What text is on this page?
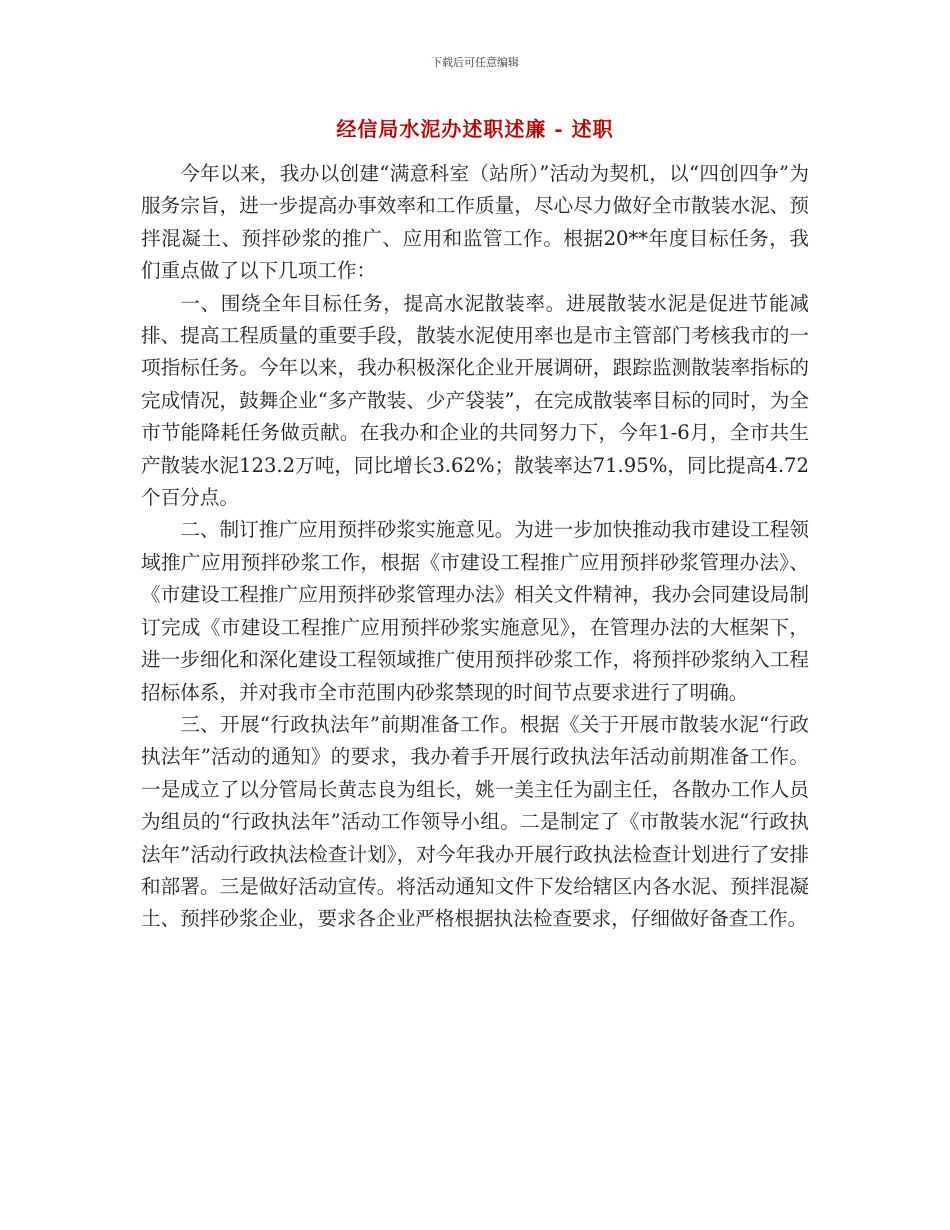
下载后可任意编辑
经信局水泥办述职述廉 - 述职

今年以来，我办以创建“满意科室（站所）”活动为契机，以“四创四争”为服务宗旨，进一步提高办事效率和工作质量，尽心尽力做好全市散装水泥、预拌混凝土、预拌砂浆的推广、应用和监管工作。根据20**年度目标任务，我们重点做了以下几项工作：

一、围绕全年目标任务，提高水泥散装率。进展散装水泥是促进节能减排、提高工程质量的重要手段，散装水泥使用率也是市主管部门考核我市的一项指标任务。今年以来，我办积极深化企业开展调研，跟踪监测散装率指标的完成情况，鼓舞企业“多产散装、少产袋装”，在完成散装率目标的同时，为全市节能降耗任务做贡献。在我办和企业的共同努力下，今年1-6月，全市共生产散装水泥123.2万吨，同比增长3.62%；散装率达71.95%，同比提高4.72个百分点。

二、制订推广应用预拌砂浆实施意见。为进一步加快推动我市建设工程领域推广应用预拌砂浆工作，根据《市建设工程推广应用预拌砂浆管理办法》、《市建设工程推广应用预拌砂浆管理办法》相关文件精神，我办会同建设局制订完成《市建设工程推广应用预拌砂浆实施意见》，在管理办法的大框架下，进一步细化和深化建设工程领域推广使用预拌砂浆工作，将预拌砂浆纳入工程招标体系，并对我市全市范围内砂浆禁现的时间节点要求进行了明确。

三、开展“行政执法年”前期准备工作。根据《关于开展市散装水泥“行政执法年”活动的通知》的要求，我办着手开展行政执法年活动前期准备工作。一是成立了以分管局长黄志良为组长，姚一美主任为副主任，各散办工作人员为组员的“行政执法年”活动工作领导小组。二是制定了《市散装水泥“行政执法年”活动行政执法检查计划》，对今年我办开展行政执法检查计划进行了安排和部署。三是做好活动宣传。将活动通知文件下发给辖区内各水泥、预拌混凝土、预拌砂浆企业，要求各企业严格根据执法检查要求，仔细做好备查工作。
